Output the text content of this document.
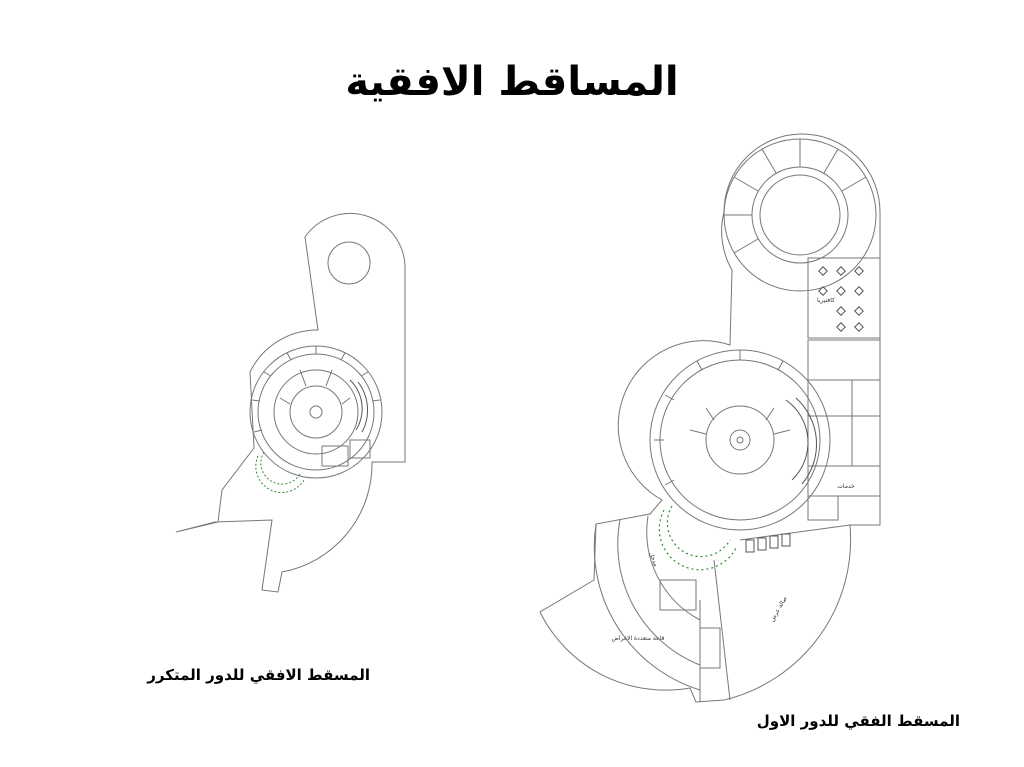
المساقط الافقية
قاعة متعددة الاغراض
صالة عرض
مدخل
كافتيريا
خدمات
المسقط الافقي للدور المتكرر
المسقط الفقي للدور الاول
